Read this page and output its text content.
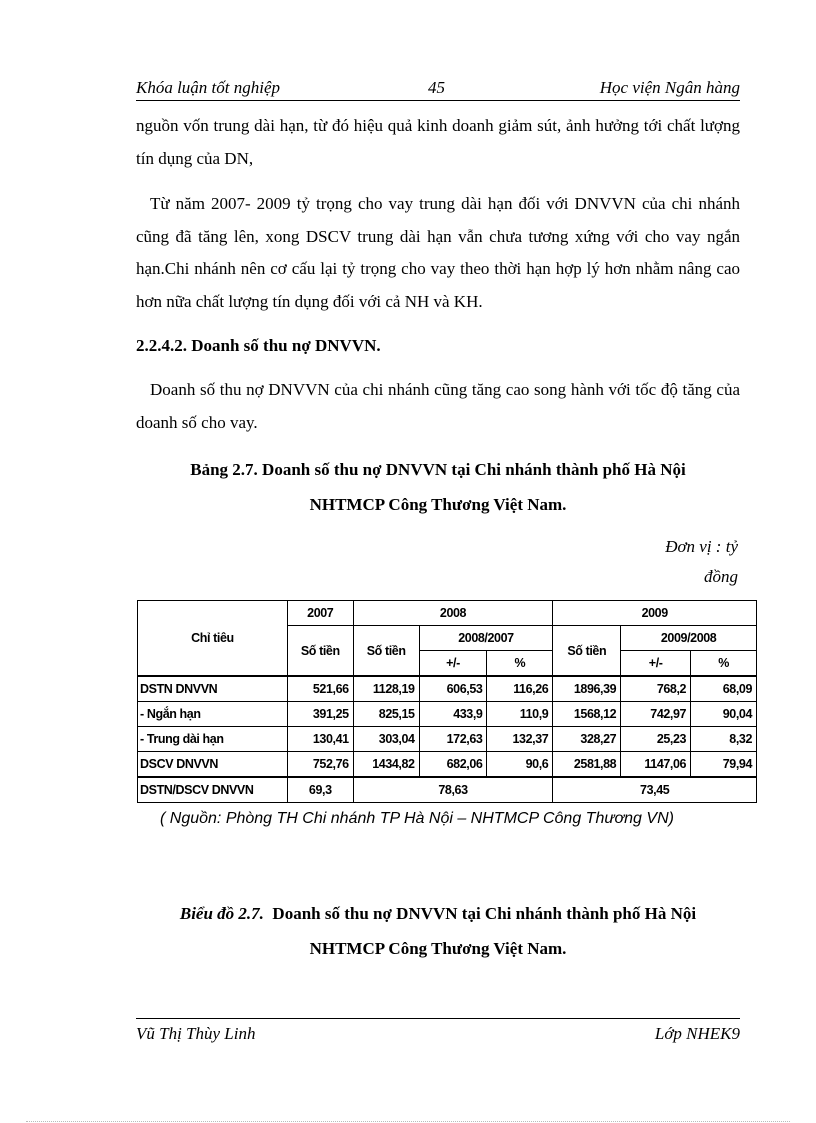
Khóa luận tốt nghiệp	45	Học viện Ngân hàng
nguồn vốn trung dài hạn, từ đó hiệu quả kinh doanh giảm sút, ảnh hưởng tới chất lượng tín dụng của DN,
Từ năm 2007- 2009 tỷ trọng cho vay trung dài hạn đối với DNVVN của chi nhánh cũng đã tăng lên, xong DSCV trung dài hạn vẫn chưa tương xứng với cho vay ngắn hạn.Chi nhánh nên cơ cấu lại tỷ trọng cho vay theo thời hạn hợp lý hơn nhằm nâng cao hơn nữa chất lượng tín dụng đối với cả NH và KH.
2.2.4.2. Doanh số thu nợ DNVVN.
Doanh số thu nợ DNVVN của chi nhánh cũng tăng cao song hành với tốc độ tăng của doanh số cho vay.
Bảng 2.7. Doanh số thu nợ DNVVN tại Chi nhánh thành phố Hà Nội
NHTMCP Công Thương Việt Nam.
Đơn vị : tỷ
đồng
Chỉ tiêu	2007	2008			2009		
	Số tiền	Số tiền	2008/2007		Số tiền	2009/2008	
			+/-	%		+/-	%
DSTN DNVVN	521,66	1128,19	606,53	116,26	1896,39	768,2	68,09
- Ngắn hạn	391,25	825,15	433,9	110,9	1568,12	742,97	90,04
- Trung dài hạn	130,41	303,04	172,63	132,37	328,27	25,23	8,32
DSCV DNVVN	752,76	1434,82	682,06	90,6	2581,88	1147,06	79,94
DSTN/DSCV DNVVN	69,3	78,63			73,45		
( Nguồn: Phòng TH Chi nhánh TP Hà Nội – NHTMCP Công Thương VN)
Biểu đồ 2.7. Doanh số thu nợ DNVVN tại Chi nhánh thành phố Hà Nội
NHTMCP Công Thương Việt Nam.
Vũ Thị Thùy Linh	Lớp NHEK9
